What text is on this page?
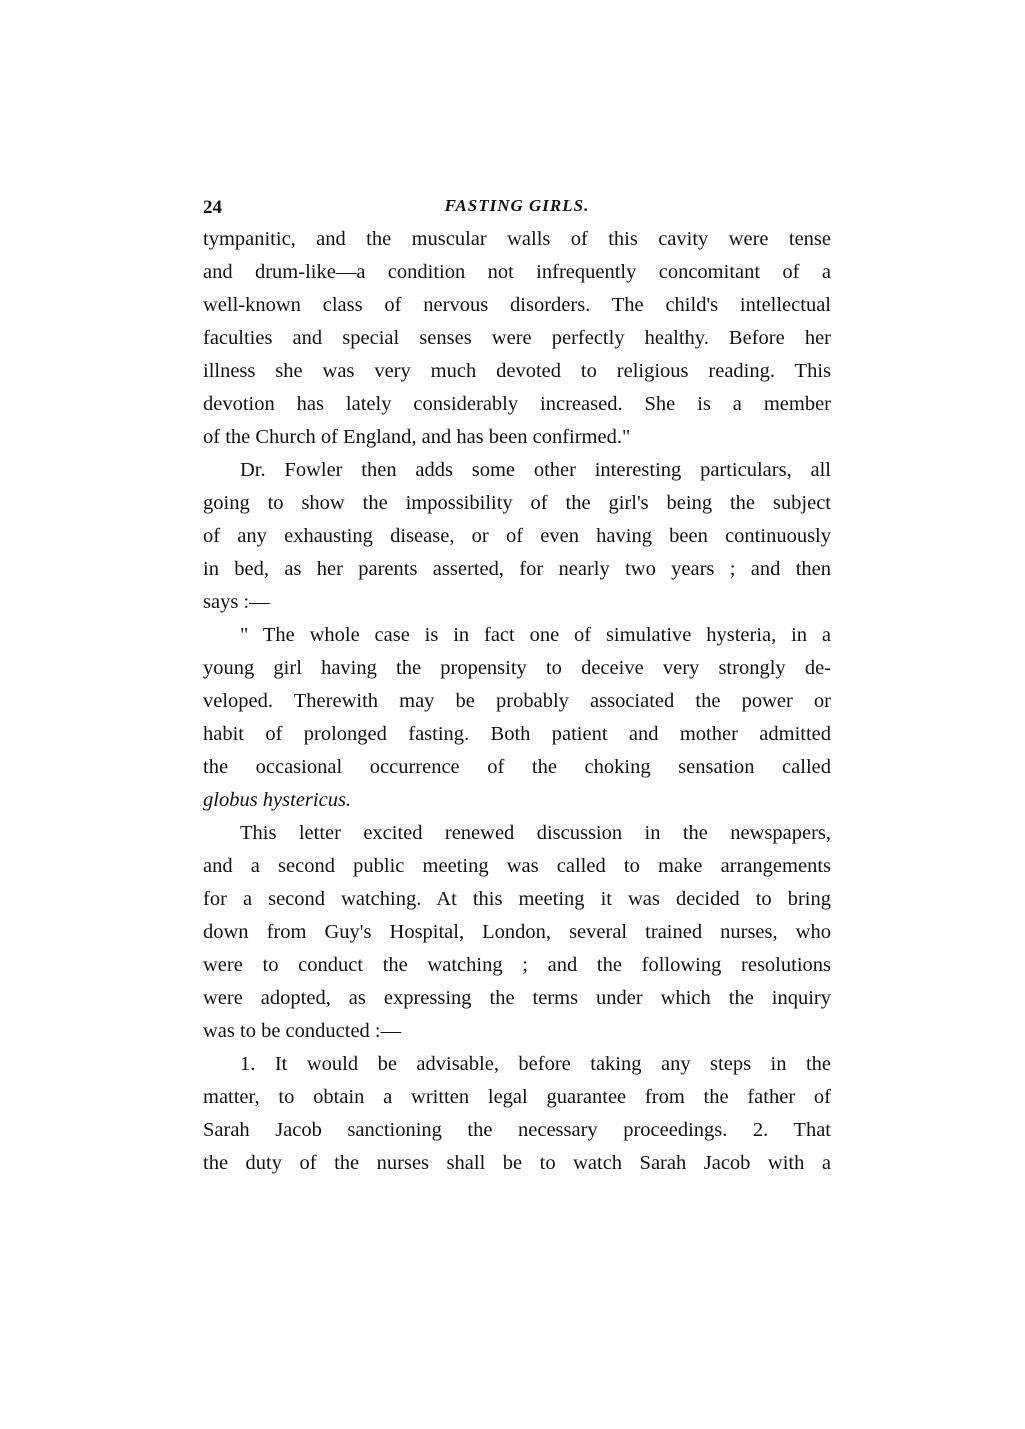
24	FASTING GIRLS.
tympanitic, and the muscular walls of this cavity were tense
and drum-like—a condition not infrequently concomitant of a
well-known class of nervous disorders. The child's intellectual
faculties and special senses were perfectly healthy. Before her
illness she was very much devoted to religious reading. This
devotion has lately considerably increased. She is a member
of the Church of England, and has been confirmed."
Dr. Fowler then adds some other interesting particulars, all
going to show the impossibility of the girl's being the subject
of any exhausting disease, or of even having been continuously
in bed, as her parents asserted, for nearly two years ; and then
says :—
" The whole case is in fact one of simulative hysteria, in a
young girl having the propensity to deceive very strongly de-
veloped. Therewith may be probably associated the power or
habit of prolonged fasting. Both patient and mother admitted
the occasional occurrence of the choking sensation called
globus hystericus.
This letter excited renewed discussion in the newspapers,
and a second public meeting was called to make arrangements
for a second watching. At this meeting it was decided to bring
down from Guy's Hospital, London, several trained nurses, who
were to conduct the watching ; and the following resolutions
were adopted, as expressing the terms under which the inquiry
was to be conducted :—
1. It would be advisable, before taking any steps in the
matter, to obtain a written legal guarantee from the father of
Sarah Jacob sanctioning the necessary proceedings. 2. That
the duty of the nurses shall be to watch Sarah Jacob with a
